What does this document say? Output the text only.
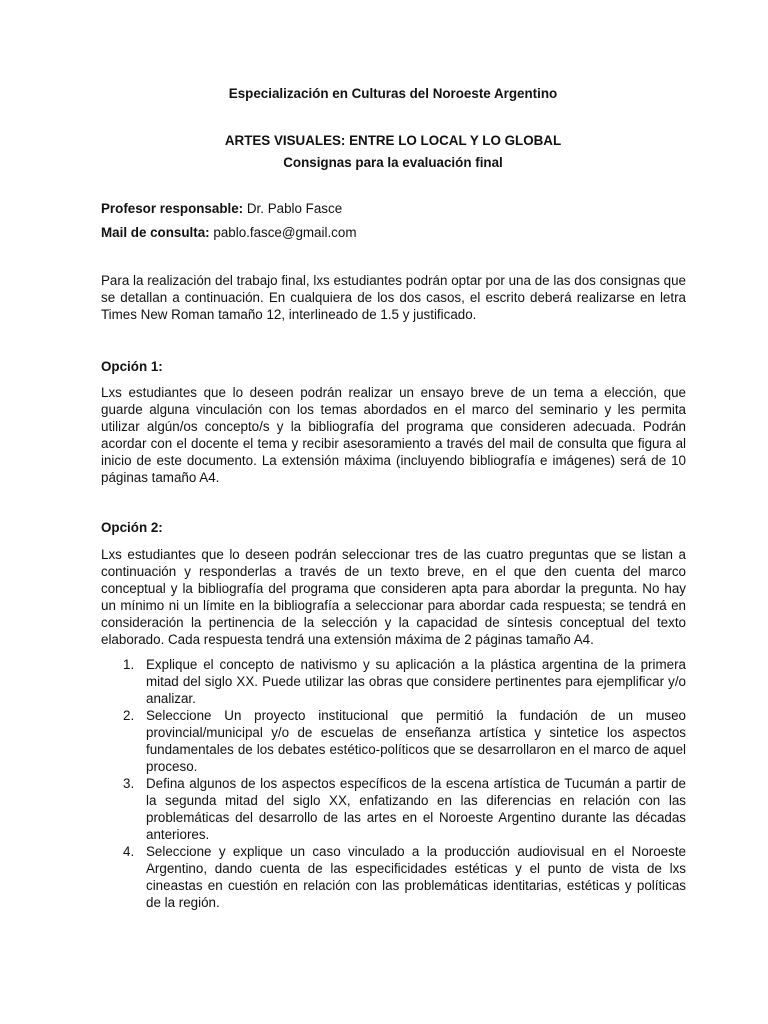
Especialización en Culturas del Noroeste Argentino
ARTES VISUALES: ENTRE LO LOCAL Y LO GLOBAL
Consignas para la evaluación final
Profesor responsable: Dr. Pablo Fasce
Mail de consulta: pablo.fasce@gmail.com
Para la realización del trabajo final, lxs estudiantes podrán optar por una de las dos consignas que se detallan a continuación. En cualquiera de los dos casos, el escrito deberá realizarse en letra Times New Roman tamaño 12, interlineado de 1.5 y justificado.
Opción 1:
Lxs estudiantes que lo deseen podrán realizar un ensayo breve de un tema a elección, que guarde alguna vinculación con los temas abordados en el marco del seminario y les permita utilizar algún/os concepto/s y la bibliografía del programa que consideren adecuada. Podrán acordar con el docente el tema y recibir asesoramiento a través del mail de consulta que figura al inicio de este documento. La extensión máxima (incluyendo bibliografía e imágenes) será de 10 páginas tamaño A4.
Opción 2:
Lxs estudiantes que lo deseen podrán seleccionar tres de las cuatro preguntas que se listan a continuación y responderlas a través de un texto breve, en el que den cuenta del marco conceptual y la bibliografía del programa que consideren apta para abordar la pregunta. No hay un mínimo ni un límite en la bibliografía a seleccionar para abordar cada respuesta; se tendrá en consideración la pertinencia de la selección y la capacidad de síntesis conceptual del texto elaborado. Cada respuesta tendrá una extensión máxima de 2 páginas tamaño A4.
1. Explique el concepto de nativismo y su aplicación a la plástica argentina de la primera mitad del siglo XX. Puede utilizar las obras que considere pertinentes para ejemplificar y/o analizar.
2. Seleccione Un proyecto institucional que permitió la fundación de un museo provincial/municipal y/o de escuelas de enseñanza artística y sintetice los aspectos fundamentales de los debates estético-políticos que se desarrollaron en el marco de aquel proceso.
3. Defina algunos de los aspectos específicos de la escena artística de Tucumán a partir de la segunda mitad del siglo XX, enfatizando en las diferencias en relación con las problemáticas del desarrollo de las artes en el Noroeste Argentino durante las décadas anteriores.
4. Seleccione y explique un caso vinculado a la producción audiovisual en el Noroeste Argentino, dando cuenta de las especificidades estéticas y el punto de vista de lxs cineastas en cuestión en relación con las problemáticas identitarias, estéticas y políticas de la región.
